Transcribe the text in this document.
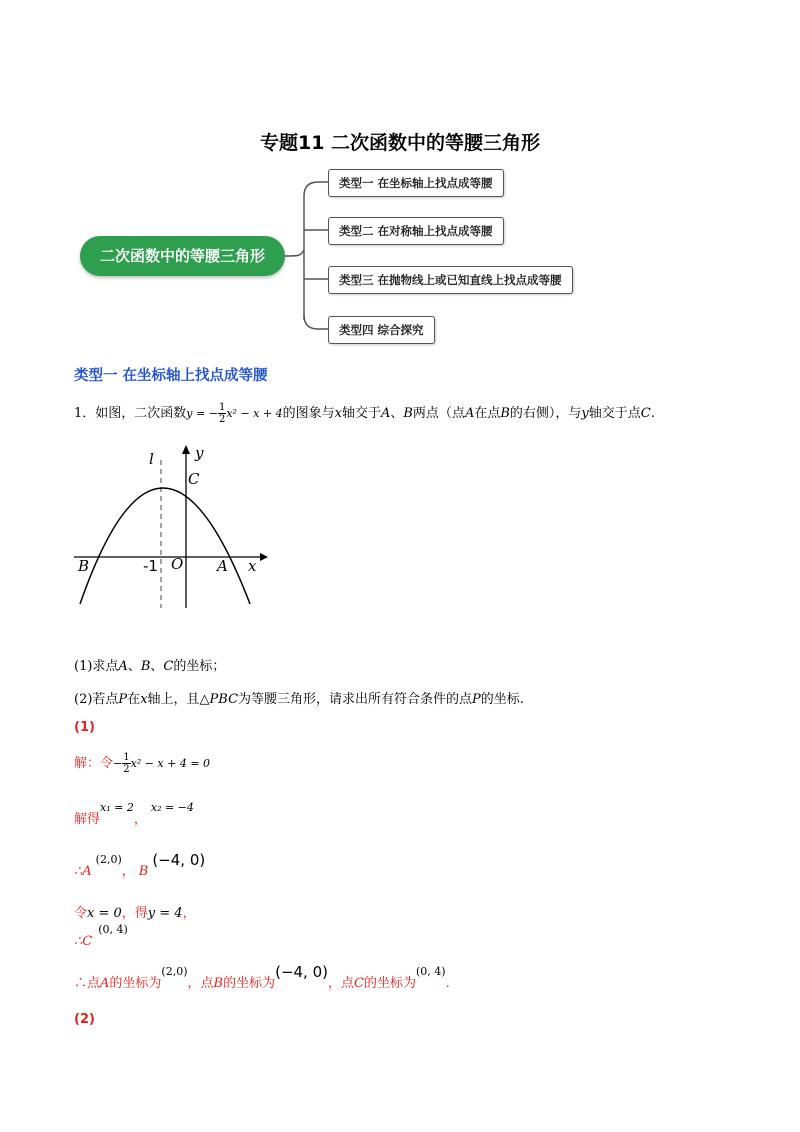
专题11 二次函数中的等腰三角形
二次函数中的等腰三角形
类型一 在坐标轴上找点成等腰
类型二 在对称轴上找点成等腰
类型三 在抛物线上或已知直线上找点成等腰
类型四 综合探究
类型一 在坐标轴上找点成等腰
1．如图，二次函数y = − $\frac{1}{2} x^2 - x + 4$的图象与x轴交于A、B两点（点A在点B的右侧），与y轴交于点C.
l	y
C
B	-1 O A x
(1)求点A、B、C的坐标；
(2)若点P在x轴上，且△PBC为等腰三角形，请求出所有符合条件的点P的坐标.
(1)
解：令− $\frac{1}{2} x^2 - x + 4 = 0$
解得$^{x_1 = 2}$，$^{x_2 = -4}$
$\therefore A^{(2,0)}$， B(−4, 0)
令x = 0，得y = 4，
$\therefore C^{(0, 4)}$
∴点A的坐标为$^{(2,0)}$，点B的坐标为(−4, 0)，点C的坐标为$^{(0, 4)}$.
(2)
